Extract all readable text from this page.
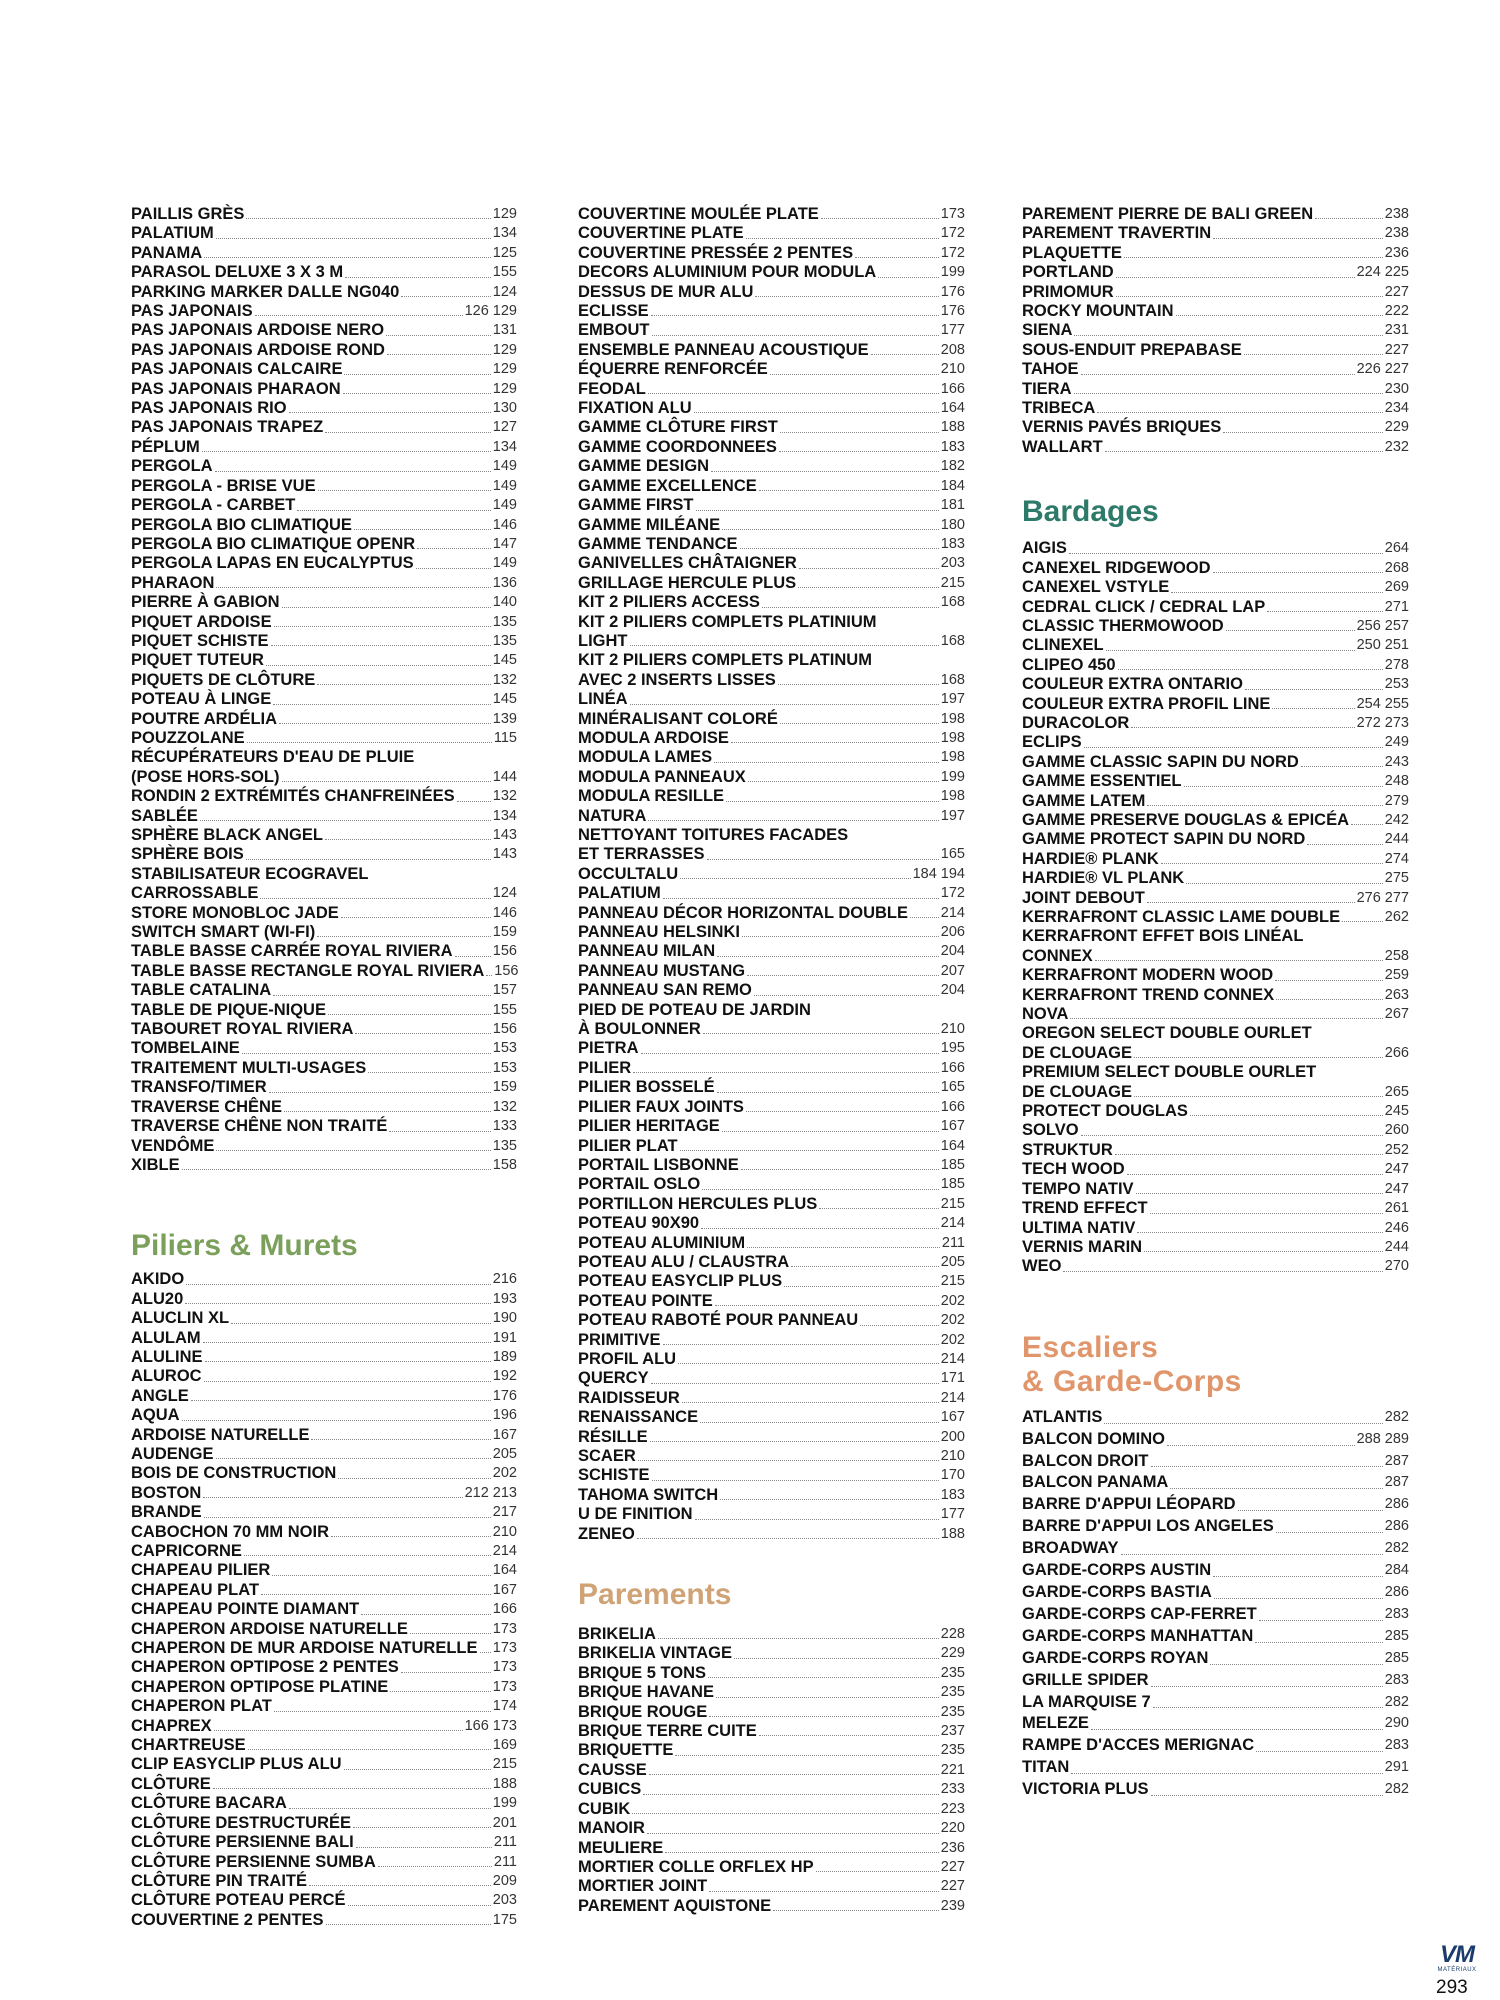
PAILLIS GRÈS	129
PALATIUM	134
PANAMA	125
PARASOL DELUXE 3 X 3 M	155
PARKING MARKER DALLE NG040	124
PAS JAPONAIS	126 129
PAS JAPONAIS ARDOISE NERO	131
PAS JAPONAIS ARDOISE ROND	129
PAS JAPONAIS CALCAIRE	129
PAS JAPONAIS PHARAON	129
PAS JAPONAIS RIO	130
PAS JAPONAIS TRAPEZ	127
PÉPLUM	134
PERGOLA	149
PERGOLA - BRISE VUE	149
PERGOLA - CARBET	149
PERGOLA BIO CLIMATIQUE	146
PERGOLA BIO CLIMATIQUE OPENR	147
PERGOLA LAPAS EN EUCALYPTUS	149
PHARAON	136
PIERRE À GABION	140
PIQUET ARDOISE	135
PIQUET SCHISTE	135
PIQUET TUTEUR	145
PIQUETS DE CLÔTURE	132
POTEAU À LINGE	145
POUTRE ARDÉLIA	139
POUZZOLANE	115
RÉCUPÉRATEURS D'EAU DE PLUIE
(POSE HORS-SOL)	144
RONDIN 2 EXTRÉMITÉS CHANFREINÉES	132
SABLÉE	134
SPHÈRE BLACK ANGEL	143
SPHÈRE BOIS	143
STABILISATEUR ECOGRAVEL
CARROSSABLE	124
STORE MONOBLOC JADE	146
SWITCH SMART (WI-FI)	159
TABLE BASSE CARRÉE ROYAL RIVIERA	156
TABLE BASSE RECTANGLE ROYAL RIVIERA 156
TABLE CATALINA	157
TABLE DE PIQUE-NIQUE	155
TABOURET ROYAL RIVIERA	156
TOMBELAINE	153
TRAITEMENT MULTI-USAGES	153
TRANSFO/TIMER	159
TRAVERSE CHÊNE	132
TRAVERSE CHÊNE NON TRAITÉ	133
VENDÔME	135
XIBLE	158
Piliers & Murets
AKIDO	216
ALU20	193
ALUCLIN XL	190
ALULAM	191
ALULINE	189
ALUROC	192
ANGLE	176
AQUA	196
ARDOISE NATURELLE	167
AUDENGE	205
BOIS DE CONSTRUCTION	202
BOSTON	212 213
BRANDE	217
CABOCHON 70 MM NOIR	210
CAPRICORNE	214
CHAPEAU PILIER	164
CHAPEAU PLAT	167
CHAPEAU POINTE DIAMANT	166
CHAPERON ARDOISE NATURELLE	173
CHAPERON DE MUR ARDOISE NATURELLE 173
CHAPERON OPTIPOSE 2 PENTES	173
CHAPERON OPTIPOSE PLATINE	173
CHAPERON PLAT	174
CHAPREX	166 173
CHARTREUSE	169
CLIP EASYCLIP PLUS ALU	215
CLÔTURE	188
CLÔTURE BACARA	199
CLÔTURE DESTRUCTURÉE	201
CLÔTURE PERSIENNE BALI	211
CLÔTURE PERSIENNE SUMBA	211
CLÔTURE PIN TRAITÉ	209
CLÔTURE POTEAU PERCÉ	203
COUVERTINE 2 PENTES	175
COUVERTINE MOULÉE PLATE	173
COUVERTINE PLATE	172
COUVERTINE PRESSÉE 2 PENTES	172
DECORS ALUMINIUM POUR MODULA	199
DESSUS DE MUR ALU	176
ECLISSE	176
EMBOUT	177
ENSEMBLE PANNEAU ACOUSTIQUE	208
ÉQUERRE RENFORCÉE	210
FEODAL	166
FIXATION ALU	164
GAMME CLÔTURE FIRST	188
GAMME COORDONNEES	183
GAMME DESIGN	182
GAMME EXCELLENCE	184
GAMME FIRST	181
GAMME MILÉANE	180
GAMME TENDANCE	183
GANIVELLES CHÂTAIGNER	203
GRILLAGE HERCULE PLUS	215
KIT 2 PILIERS ACCESS	168
KIT 2 PILIERS COMPLETS PLATINIUM
LIGHT	168
KIT 2 PILIERS COMPLETS PLATINUM
AVEC 2 INSERTS LISSES	168
LINÉA	197
MINÉRALISANT COLORÉ	198
MODULA ARDOISE	198
MODULA LAMES	198
MODULA PANNEAUX	199
MODULA RESILLE	198
NATURA	197
NETTOYANT TOITURES FACADES
ET TERRASSES	165
OCCULTALU	184 194
PALATIUM	172
PANNEAU DÉCOR HORIZONTAL DOUBLE 214
PANNEAU HELSINKI	206
PANNEAU MILAN	204
PANNEAU MUSTANG	207
PANNEAU SAN REMO	204
PIED DE POTEAU DE JARDIN
À BOULONNER	210
PIETRA	195
PILIER	166
PILIER BOSSELÉ	165
PILIER FAUX JOINTS	166
PILIER HERITAGE	167
PILIER PLAT	164
PORTAIL LISBONNE	185
PORTAIL OSLO	185
PORTILLON HERCULES PLUS	215
POTEAU 90X90	214
POTEAU ALUMINIUM	211
POTEAU ALU / CLAUSTRA	205
POTEAU EASYCLIP PLUS	215
POTEAU POINTE	202
POTEAU RABOTÉ POUR PANNEAU	202
PRIMITIVE	202
PROFIL ALU	214
QUERCY	171
RAIDISSEUR	214
RENAISSANCE	167
RÉSILLE	200
SCAER	210
SCHISTE	170
TAHOMA SWITCH	183
U DE FINITION	177
ZENEO	188
Parements
BRIKELIA	228
BRIKELIA VINTAGE	229
BRIQUE 5 TONS	235
BRIQUE HAVANE	235
BRIQUE ROUGE	235
BRIQUE TERRE CUITE	237
BRIQUETTE	235
CAUSSE	221
CUBICS	233
CUBIK	223
MANOIR	220
MEULIERE	236
MORTIER COLLE ORFLEX HP	227
MORTIER JOINT	227
PAREMENT AQUISTONE	239
PAREMENT PIERRE DE BALI GREEN	238
PAREMENT TRAVERTIN	238
PLAQUETTE	236
PORTLAND	224 225
PRIMOMUR	227
ROCKY MOUNTAIN	222
SIENA	231
SOUS-ENDUIT PREPABASE	227
TAHOE	226 227
TIERA	230
TRIBECA	234
VERNIS PAVÉS BRIQUES	229
WALLART	232
Bardages
AIGIS	264
CANEXEL RIDGEWOOD	268
CANEXEL VSTYLE	269
CEDRAL CLICK / CEDRAL LAP	271
CLASSIC THERMOWOOD	256 257
CLINEXEL	250 251
CLIPEO 450	278
COULEUR EXTRA ONTARIO	253
COULEUR EXTRA PROFIL LINE	254 255
DURACOLOR	272 273
ECLIPS	249
GAMME CLASSIC SAPIN DU NORD	243
GAMME ESSENTIEL	248
GAMME LATEM	279
GAMME PRESERVE DOUGLAS & EPICÉA 242
GAMME PROTECT SAPIN DU NORD	244
HARDIE® PLANK	274
HARDIE® VL PLANK	275
JOINT DEBOUT	276 277
KERRAFRONT CLASSIC LAME DOUBLE	262
KERRAFRONT EFFET BOIS LINÉAL
CONNEX	258
KERRAFRONT MODERN WOOD	259
KERRAFRONT TREND CONNEX	263
NOVA	267
OREGON SELECT DOUBLE OURLET
DE CLOUAGE	266
PREMIUM SELECT DOUBLE OURLET
DE CLOUAGE	265
PROTECT DOUGLAS	245
SOLVO	260
STRUKTUR	252
TECH WOOD	247
TEMPO NATIV	247
TREND EFFECT	261
ULTIMA NATIV	246
VERNIS MARIN	244
WEO	270
Escaliers
& Garde-Corps
ATLANTIS	282
BALCON DOMINO	288 289
BALCON DROIT	287
BALCON PANAMA	287
BARRE D'APPUI LÉOPARD	286
BARRE D'APPUI LOS ANGELES	286
BROADWAY	282
GARDE-CORPS AUSTIN	284
GARDE-CORPS BASTIA	286
GARDE-CORPS CAP-FERRET	283
GARDE-CORPS MANHATTAN	285
GARDE-CORPS ROYAN	285
GRILLE SPIDER	283
LA MARQUISE 7	282
MELEZE	290
RAMPE D'ACCES MERIGNAC	283
TITAN	291
VICTORIA PLUS	282
VM
MATÉRIAUX
293
